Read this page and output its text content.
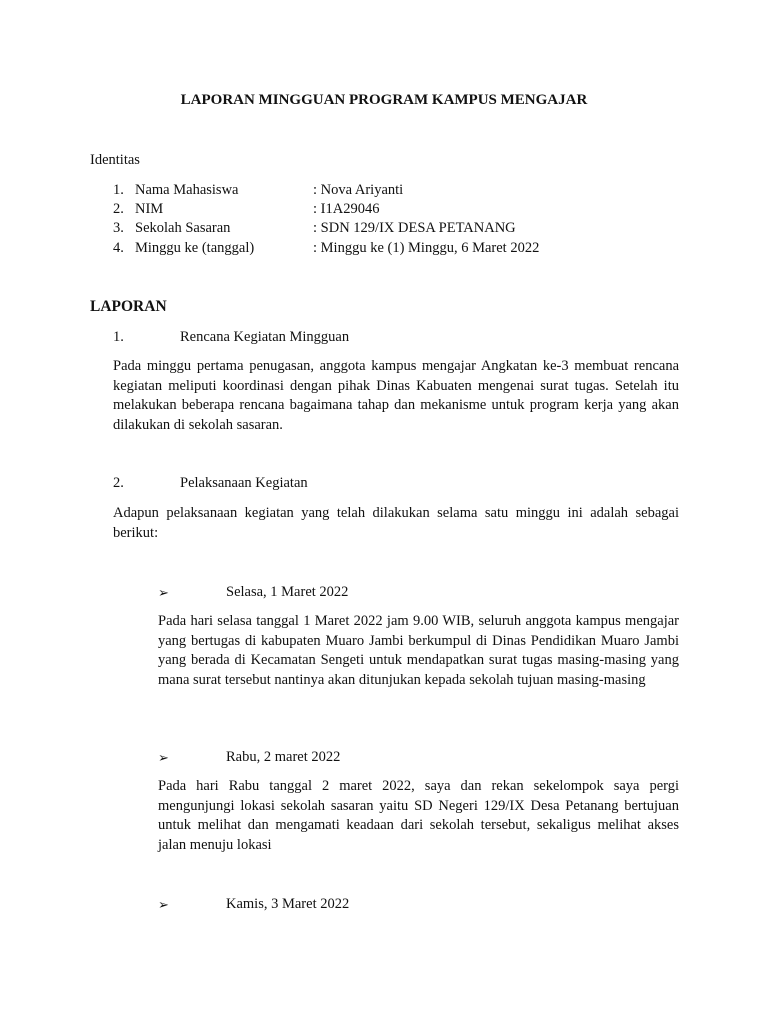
LAPORAN MINGGUAN PROGRAM KAMPUS MENGAJAR
Identitas
1. Nama Mahasiswa	: Nova Ariyanti
2. NIM	: I1A29046
3. Sekolah Sasaran	: SDN 129/IX DESA PETANANG
4. Minggu ke (tanggal)	: Minggu ke (1) Minggu, 6 Maret 2022
LAPORAN
1.	Rencana Kegiatan Mingguan

Pada minggu pertama penugasan, anggota kampus mengajar Angkatan ke-3 membuat rencana kegiatan meliputi koordinasi dengan pihak Dinas Kabuaten mengenai surat tugas. Setelah itu melakukan beberapa rencana bagaimana tahap dan mekanisme untuk program kerja yang akan dilakukan di sekolah sasaran.

2.	Pelaksanaan Kegiatan

Adapun pelaksanaan kegiatan yang telah dilakukan selama satu minggu ini adalah sebagai berikut:

➢	Selasa, 1 Maret 2022

Pada hari selasa tanggal 1 Maret 2022 jam 9.00 WIB, seluruh anggota kampus mengajar yang bertugas di kabupaten Muaro Jambi berkumpul di Dinas Pendidikan Muaro Jambi yang berada di Kecamatan Sengeti untuk mendapatkan surat tugas masing-masing yang mana surat tersebut nantinya akan ditunjukan kepada sekolah tujuan masing-masing

➢	Rabu, 2 maret 2022

Pada hari Rabu tanggal 2 maret 2022, saya dan rekan sekelompok saya pergi mengunjungi lokasi sekolah sasaran yaitu SD Negeri 129/IX Desa Petanang bertujuan untuk melihat dan mengamati keadaan dari sekolah tersebut, sekaligus melihat akses jalan menuju lokasi

➢	Kamis, 3 Maret 2022
